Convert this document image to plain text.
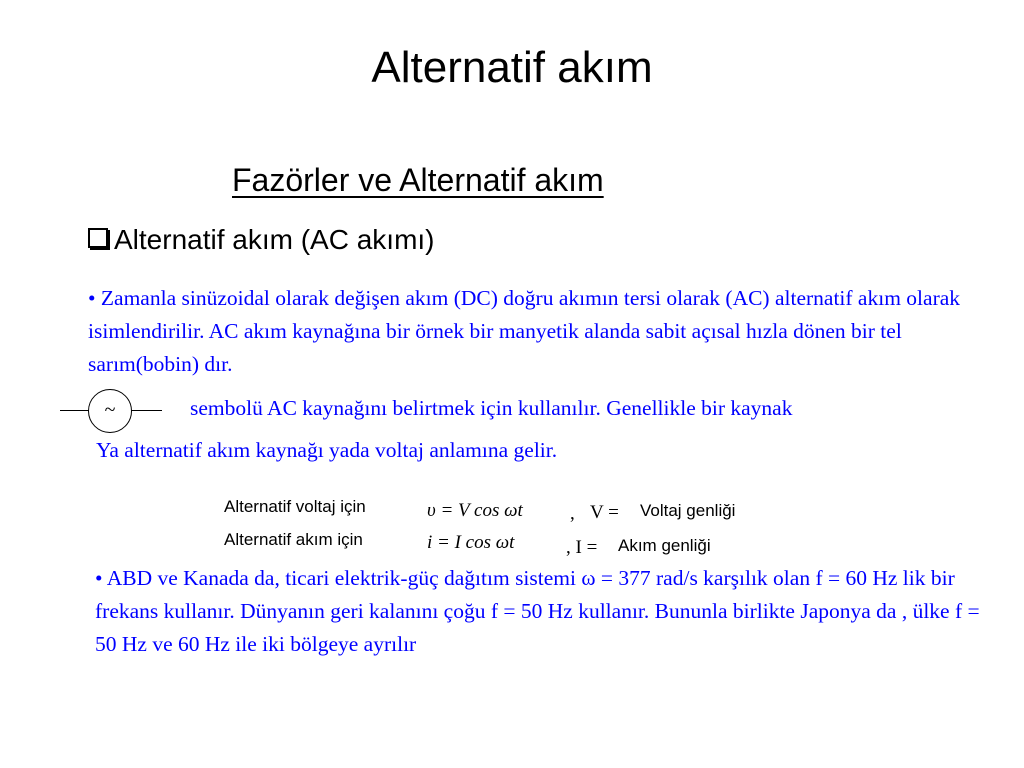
Alternatif akım
Fazörler ve Alternatif akım
Alternatif akım (AC akımı)
• Zamanla sinüzoidal olarak değişen akım (DC) doğru akımın tersi olarak (AC) alternatif akım olarak isimlendirilir. AC akım kaynağına bir örnek bir manyetik alanda sabit açısal hızla dönen bir tel sarım(bobin) dır.
~	sembolü AC kaynağını belirtmek için kullanılır. Genellikle bir kaynak
Ya alternatif akım kaynağı yada voltaj anlamına gelir.
Alternatif voltaj için	υ = V cos ωt , V = Voltaj genliği
Alternatif akım için	i = I cos ωt	, I = Akım genliği
• ABD ve Kanada da, ticari elektrik-güç dağıtım sistemi ω = 377 rad/s karşılık olan f = 60 Hz lik bir frekans kullanır. Dünyanın geri kalanını çoğu f = 50 Hz kullanır. Bununla birlikte Japonya da , ülke f = 50 Hz ve 60 Hz ile iki bölgeye ayrılır
